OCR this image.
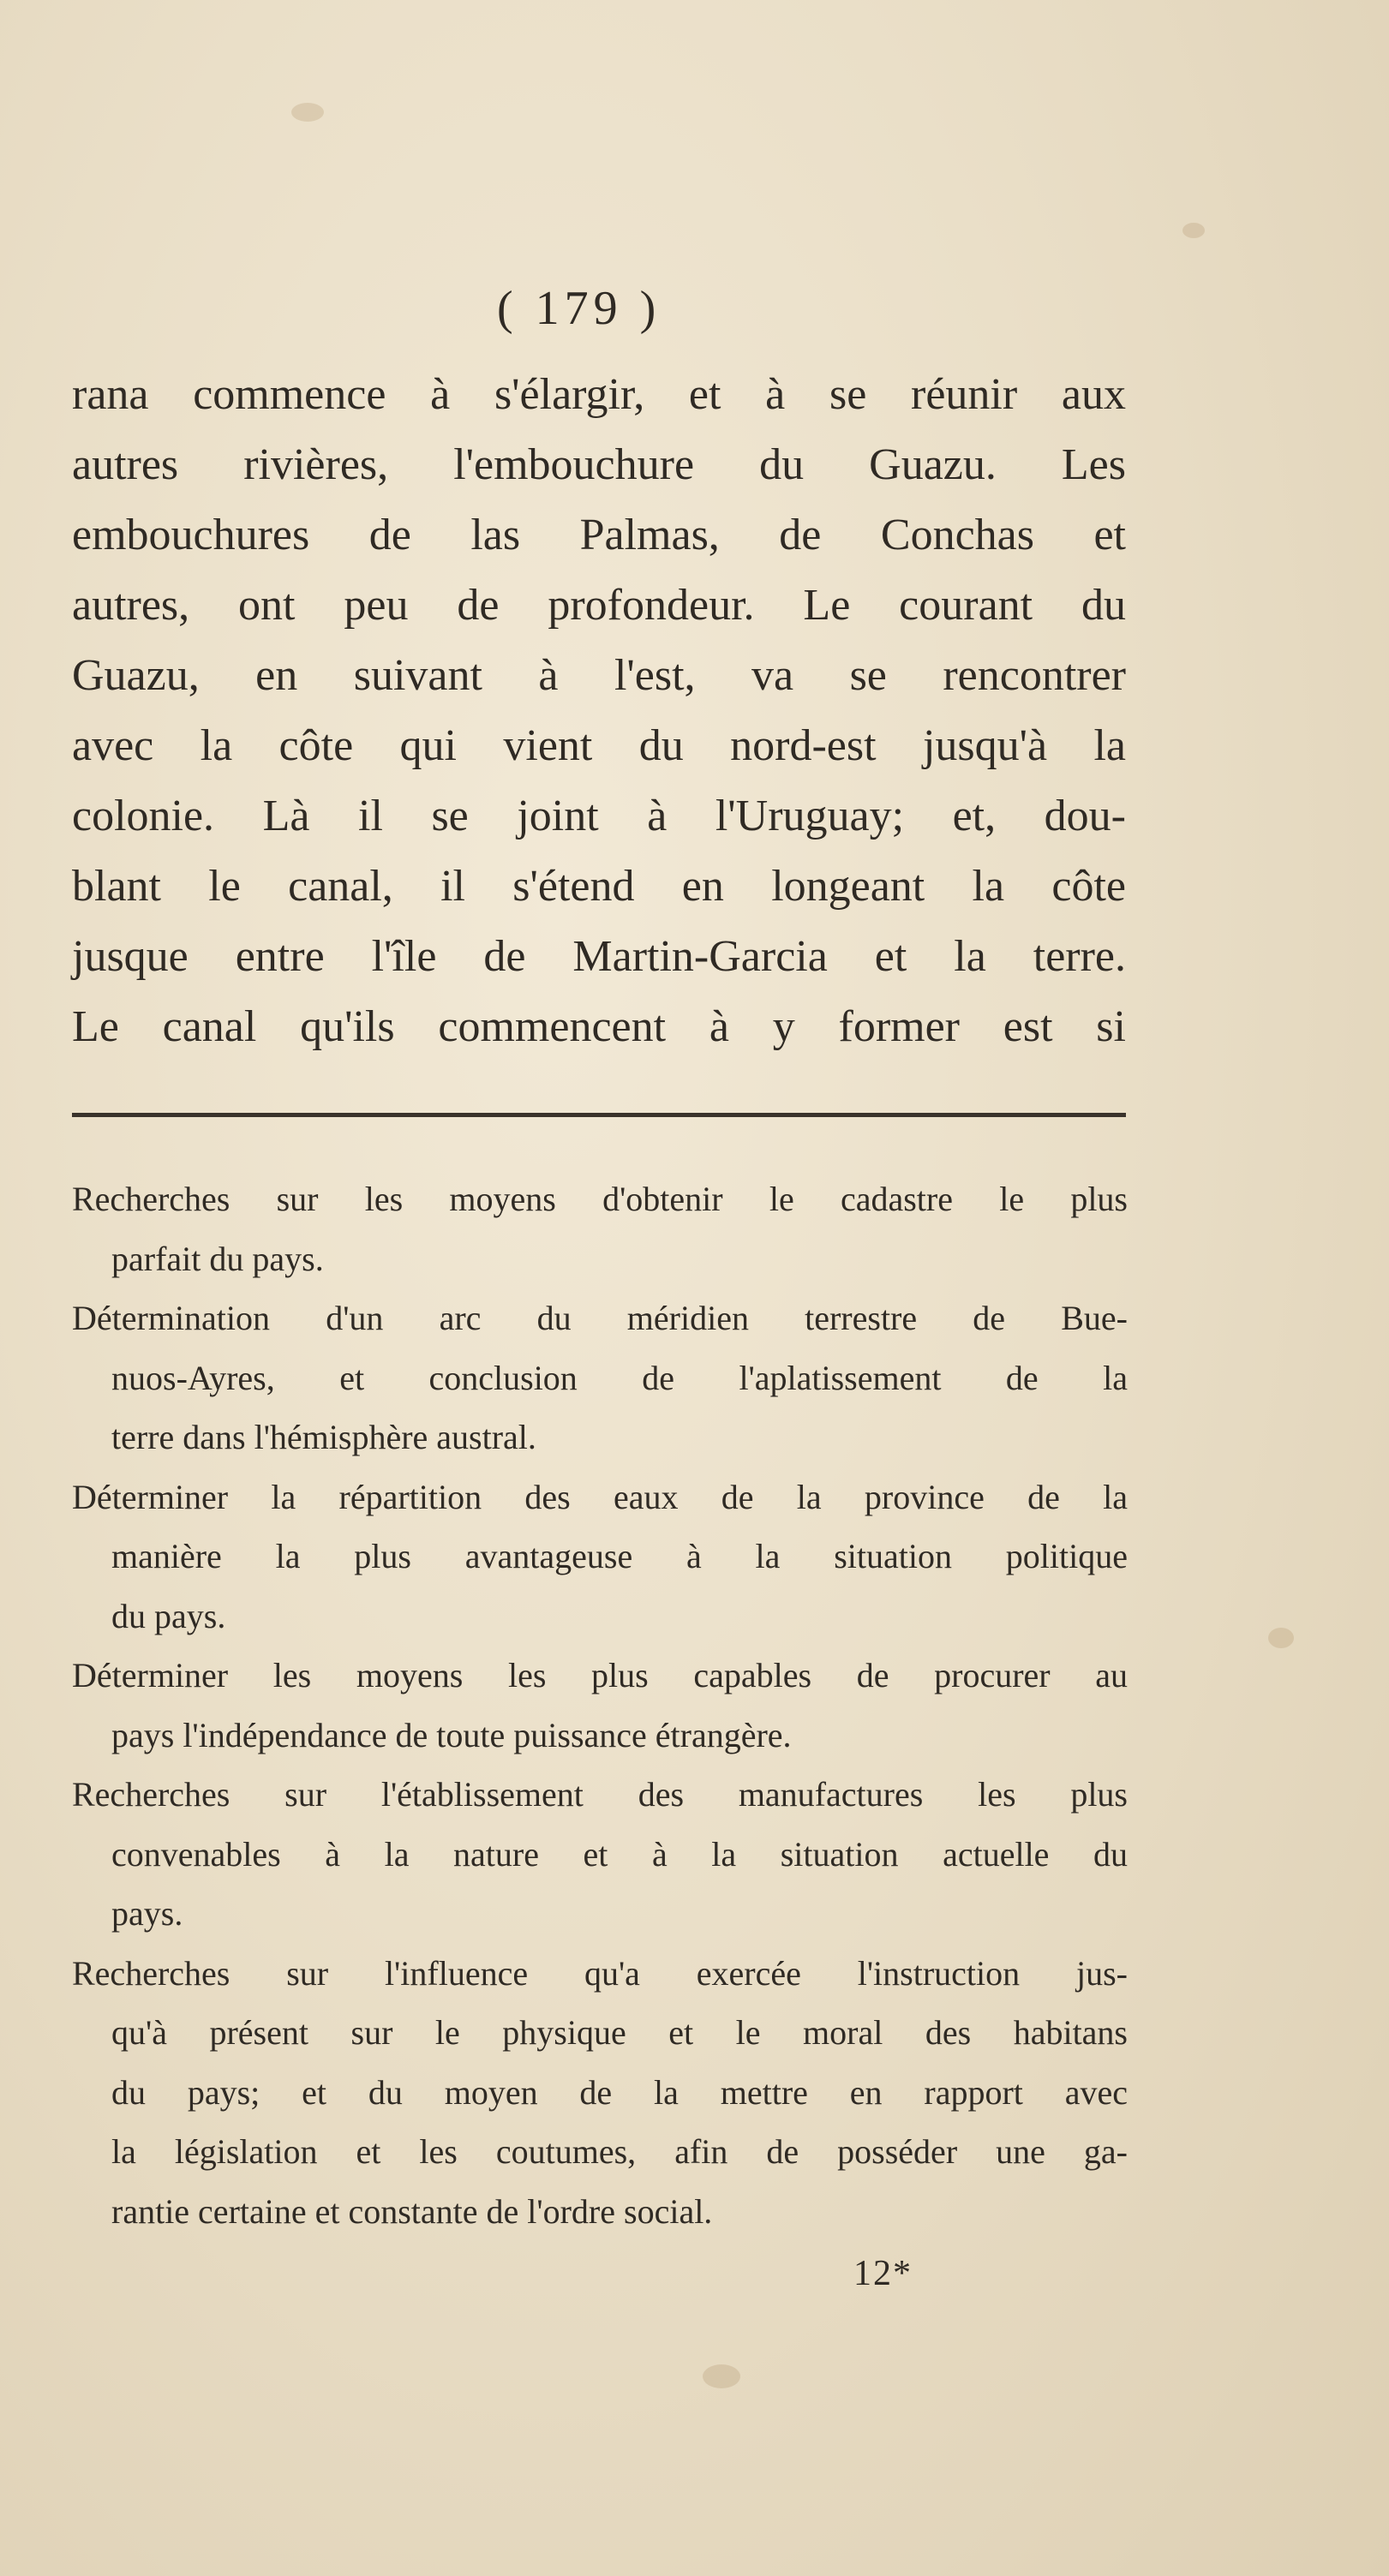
( 179 )
rana commence à s'élargir, et à se réunir aux
autres rivières, l'embouchure du Guazu. Les
embouchures de las Palmas, de Conchas et
autres, ont peu de profondeur. Le courant du
Guazu, en suivant à l'est, va se rencontrer
avec la côte qui vient du nord-est jusqu'à la
colonie. Là il se joint à l'Uruguay; et, dou-
blant le canal, il s'étend en longeant la côte
jusque entre l'île de Martin-Garcia et la terre.
Le canal qu'ils commencent à y former est si
Recherches sur les moyens d'obtenir le cadastre le plus
parfait du pays.
Détermination d'un arc du méridien terrestre de Bue-
nuos-Ayres, et conclusion de l'aplatissement de la
terre dans l'hémisphère austral.
Déterminer la répartition des eaux de la province de la
manière la plus avantageuse à la situation politique
du pays.
Déterminer les moyens les plus capables de procurer au
pays l'indépendance de toute puissance étrangère.
Recherches sur l'établissement des manufactures les plus
convenables à la nature et à la situation actuelle du
pays.
Recherches sur l'influence qu'a exercée l'instruction jus-
qu'à présent sur le physique et le moral des habitans
du pays; et du moyen de la mettre en rapport avec
la législation et les coutumes, afin de posséder une ga-
rantie certaine et constante de l'ordre social.
12*
